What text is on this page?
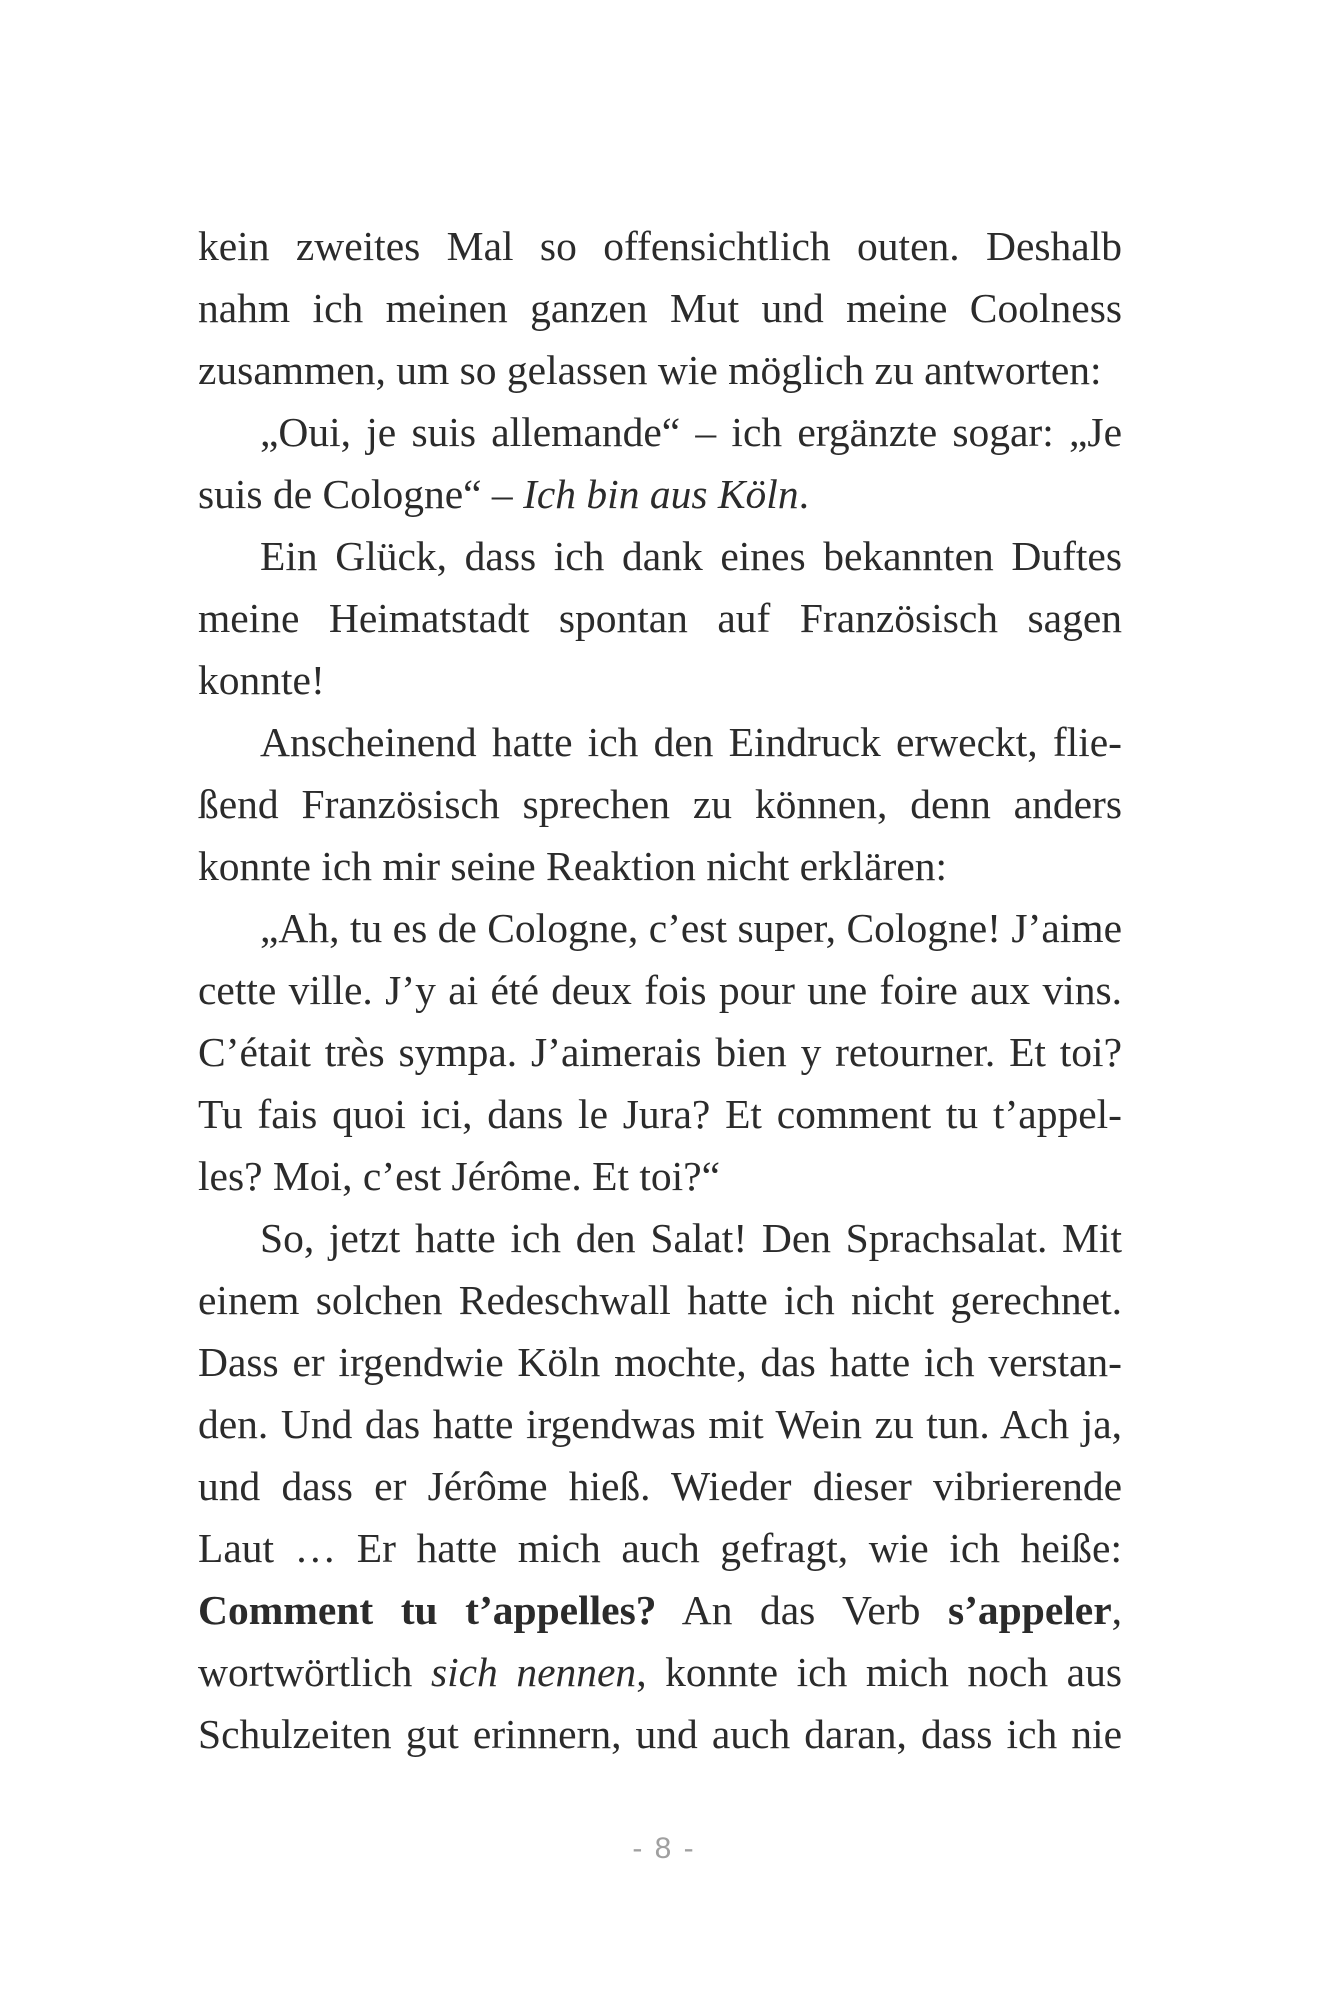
kein zweites Mal so offensichtlich outen. Deshalb nahm ich meinen ganzen Mut und meine Coolness zusammen, um so gelassen wie möglich zu antworten:

„Oui, je suis allemande“ – ich ergänzte sogar: „Je suis de Cologne“ – Ich bin aus Köln.

Ein Glück, dass ich dank eines bekannten Duftes meine Heimatstadt spontan auf Französisch sagen konnte!

Anscheinend hatte ich den Eindruck erweckt, fließend Französisch sprechen zu können, denn anders konnte ich mir seine Reaktion nicht erklären:

„Ah, tu es de Cologne, c’est super, Cologne! J’aime cette ville. J’y ai été deux fois pour une foire aux vins. C’était très sympa. J’aimerais bien y retourner. Et toi? Tu fais quoi ici, dans le Jura? Et comment tu t’appelles? Moi, c’est Jérôme. Et toi?“

So, jetzt hatte ich den Salat! Den Sprachsalat. Mit einem solchen Redeschwall hatte ich nicht gerechnet. Dass er irgendwie Köln mochte, das hatte ich verstanden. Und das hatte irgendwas mit Wein zu tun. Ach ja, und dass er Jérôme hieß. Wieder dieser vibrierende Laut … Er hatte mich auch gefragt, wie ich heiße: Comment tu t’appelles? An das Verb s’appeler, wortwörtlich sich nennen, konnte ich mich noch aus Schulzeiten gut erinnern, und auch daran, dass ich nie

- 8 -
